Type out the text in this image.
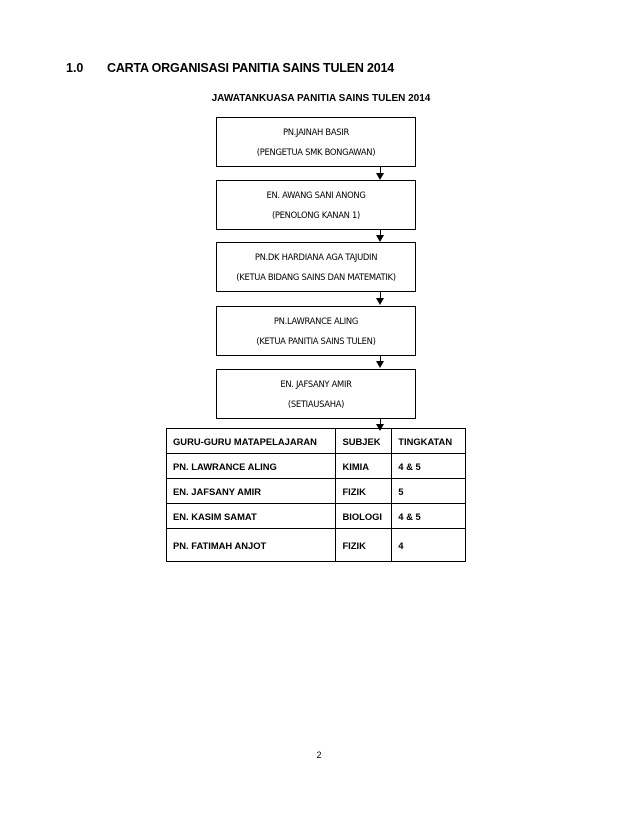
1.0 CARTA ORGANISASI PANITIA SAINS TULEN 2014
JAWATANKUASA PANITIA SAINS TULEN 2014
PN.JAINAH BASIR
(PENGETUA SMK BONGAWAN)
EN. AWANG SANI ANONG
(PENOLONG KANAN 1)
PN.DK HARDIANA AGA TAJUDIN
(KETUA BIDANG SAINS DAN MATEMATIK)
PN.LAWRANCE ALING
(KETUA PANITIA SAINS TULEN)
EN. JAFSANY AMIR
(SETIAUSAHA)
GURU-GURU MATAPELAJARAN	SUBJEK	TINGKATAN
PN. LAWRANCE ALING	KIMIA	4 & 5
EN. JAFSANY AMIR	FIZIK	5
EN. KASIM SAMAT	BIOLOGI	4 & 5
PN. FATIMAH ANJOT	FIZIK	4
2
